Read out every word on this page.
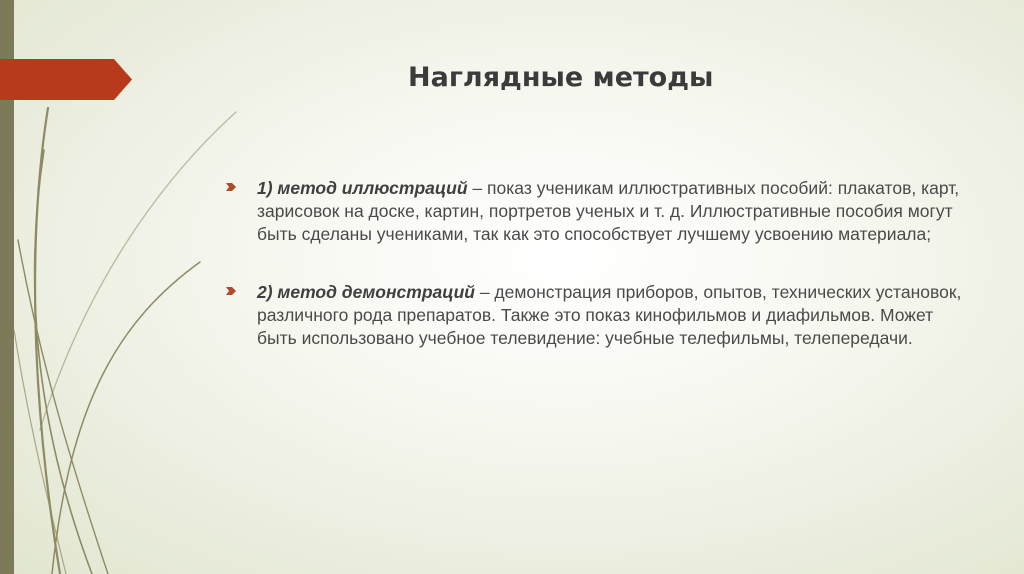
Наглядные методы

1) метод иллюстраций – показ ученикам иллюстративных пособий: плакатов, карт, зарисовок на доске, картин, портретов ученых и т. д. Иллюстративные пособия могут быть сделаны учениками, так как это способствует лучшему усвоению материала;

2) метод демонстраций – демонстрация приборов, опытов, технических установок, различного рода препаратов. Также это показ кинофильмов и диафильмов. Может быть использовано учебное телевидение: учебные телефильмы, телепередачи.
